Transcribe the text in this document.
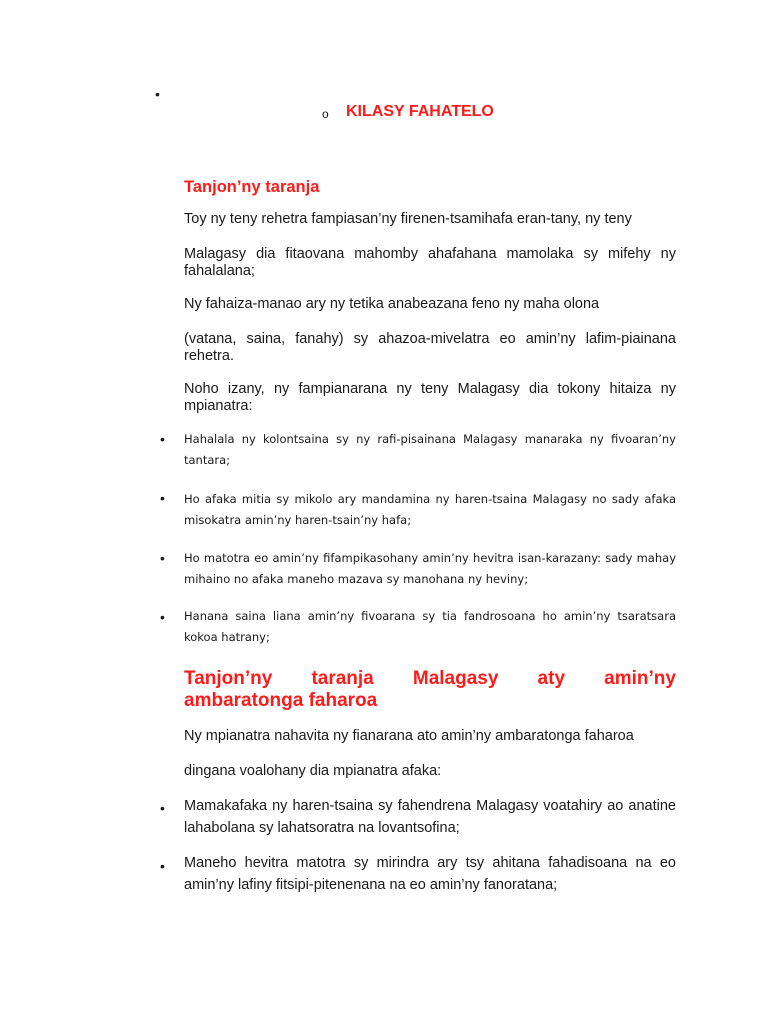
•
o KILASY FAHATELO
Tanjon’ny taranja

Toy ny teny rehetra fampiasan’ny firenen-tsamihafa eran-tany, ny teny

Malagasy dia fitaovana mahomby ahafahana mamolaka sy mifehy ny fahalalana;

Ny fahaiza-manao ary ny tetika anabeazana feno ny maha olona

(vatana, saina, fanahy) sy ahazoa-mivelatra eo amin’ny lafim-piainana rehetra.

Noho izany, ny fampianarana ny teny Malagasy dia tokony hitaiza ny mpianatra:

• Hahalala ny kolontsaina sy ny rafi-pisainana Malagasy manaraka ny fivoaran’ny tantara;

• Ho afaka mitia sy mikolo ary mandamina ny haren-tsaina Malagasy no sady afaka misokatra amin’ny haren-tsain’ny hafa;

• Ho matotra eo amin’ny fifampikasohany amin’ny hevitra isan-karazany: sady mahay mihaino no afaka maneho mazava sy manohana ny heviny;

• Hanana saina liana amin’ny fivoarana sy tia fandrosoana ho amin’ny tsaratsara kokoa hatrany;

Tanjon’ny taranja Malagasy aty amin’ny
ambaratonga faharoa

Ny mpianatra nahavita ny fianarana ato amin’ny ambaratonga faharoa

dingana voalohany dia mpianatra afaka:

• Mamakafaka ny haren-tsaina sy fahendrena Malagasy voatahiry ao anatine lahabolana sy lahatsoratra na lovantsofina;

• Maneho hevitra matotra sy mirindra ary tsy ahitana fahadisoana na eo amin’ny lafiny fitsipi-pitenenana na eo amin’ny fanoratana;
